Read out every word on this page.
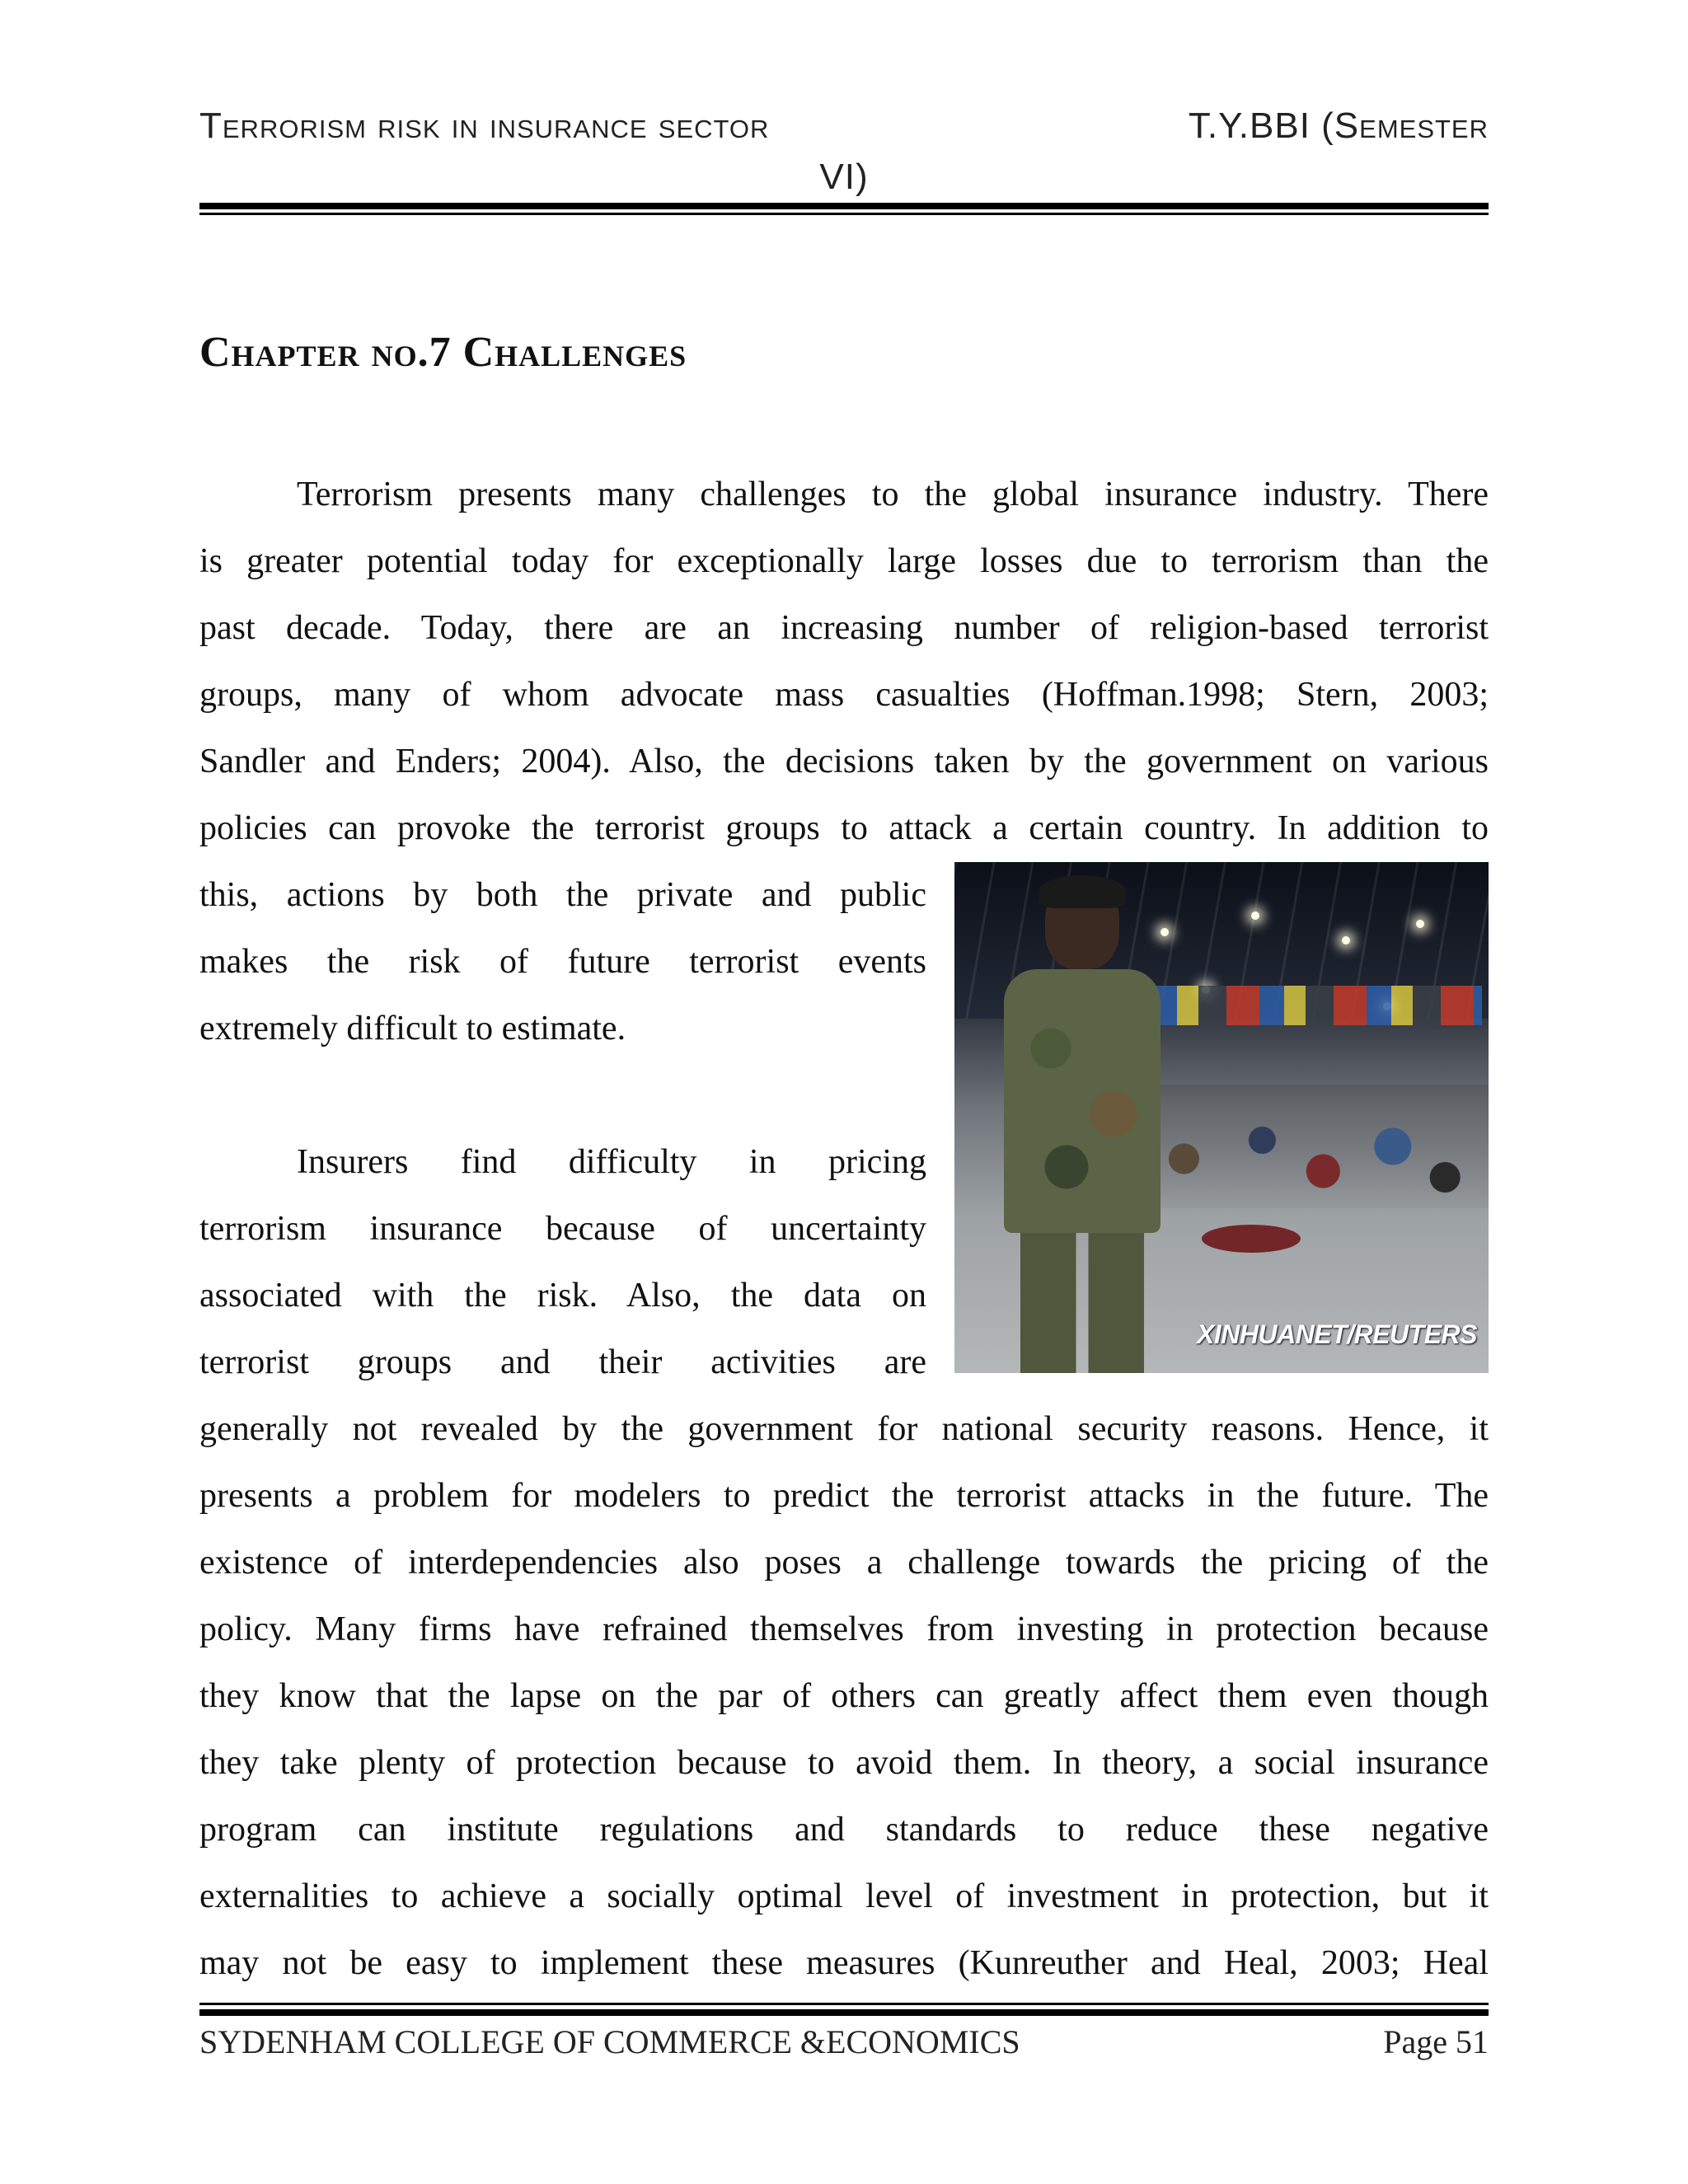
Terrorism risk in insurance sector	T.Y.BBI (Semester
VI)
Chapter no.7 Challenges
Terrorism presents many challenges to the global insurance industry. There
is greater potential today for exceptionally large losses due to terrorism than the
past decade. Today, there are an increasing number of religion-based terrorist
groups, many of whom advocate mass casualties (Hoffman.1998; Stern, 2003;
Sandler and Enders; 2004). Also, the decisions taken by the government on various
policies can provoke the terrorist groups to attack a certain country. In addition to
this, actions by both the private and public
makes the risk of future terrorist events
extremely difficult to estimate.
Insurers find difficulty in pricing
terrorism insurance because of uncertainty
associated with the risk. Also, the data on
terrorist groups and their activities are
generally not revealed by the government for national security reasons. Hence, it
presents a problem for modelers to predict the terrorist attacks in the future. The
existence of interdependencies also poses a challenge towards the pricing of the
policy. Many firms have refrained themselves from investing in protection because
they know that the lapse on the par of others can greatly affect them even though
they take plenty of protection because to avoid them. In theory, a social insurance
program can institute regulations and standards to reduce these negative
externalities to achieve a socially optimal level of investment in protection, but it
may not be easy to implement these measures (Kunreuther and Heal, 2003; Heal
XINHUANET/REUTERS
SYDENHAM COLLEGE OF COMMERCE &ECONOMICS	Page 51
